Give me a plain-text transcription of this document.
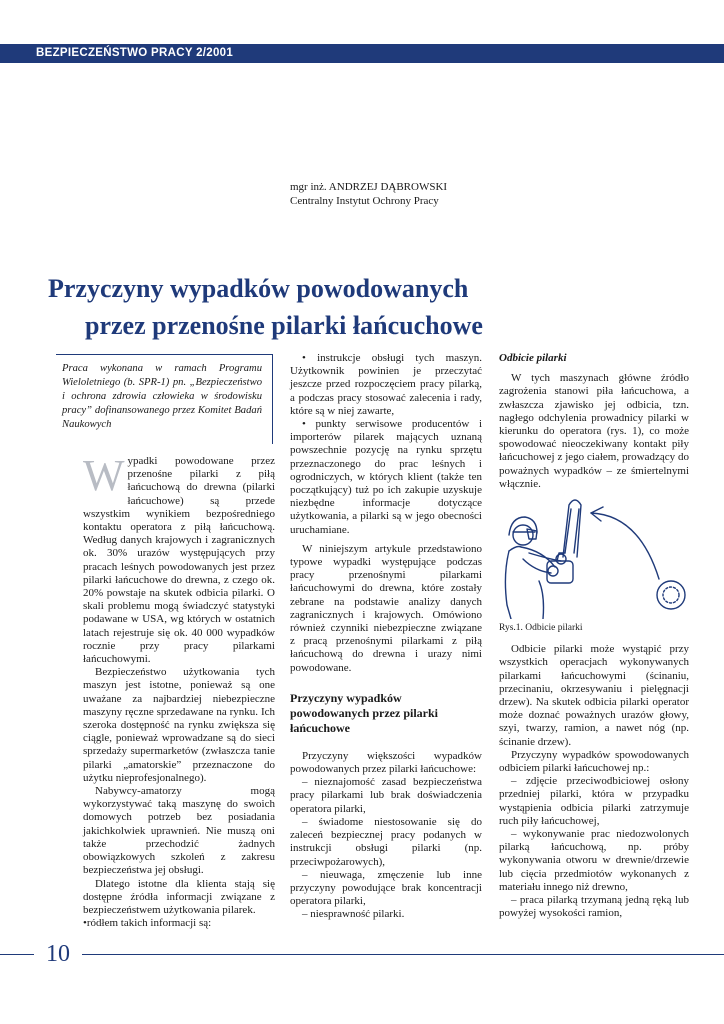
BEZPIECZEŃSTWO PRACY 2/2001
mgr inż. ANDRZEJ DĄBROWSKI
Centralny Instytut Ochrony Pracy
Przyczyny wypadków powodowanych
przez przenośne pilarki łańcuchowe
Praca wykonana w ramach Programu Wieloletniego (b. SPR-1) pn. „Bezpieczeństwo i ochrona zdrowia człowieka w środowisku pracy” dofinansowanego przez Komitet Badań Naukowych

Wypadki powodowane przez przenośne pilarki z piłą łańcuchową do drewna (pilarki łańcuchowe) są przede wszystkim wynikiem bezpośredniego kontaktu operatora z piłą łańcuchową. Według danych krajowych i zagranicznych ok. 30% urazów występujących przy pracach leśnych powodowanych jest przez pilarki łańcuchowe do drewna, z czego ok. 20% powstaje na skutek odbicia pilarki. O skali problemu mogą świadczyć statystyki podawane w USA, wg których w ostatnich latach rejestruje się ok. 40 000 wypadków rocznie przy pracy pilarkami łańcuchowymi.

Bezpieczeństwo użytkowania tych maszyn jest istotne, ponieważ są one uważane za najbardziej niebezpieczne maszyny ręczne sprzedawane na rynku. Ich szeroka dostępność na rynku zwiększa się ciągle, ponieważ wprowadzane są do sieci sprzedaży supermarketów (zwłaszcza tanie pilarki „amatorskie” przeznaczone do użytku nieprofesjonalnego).

Nabywcy-amatorzy mogą wykorzystywać taką maszynę do swoich domowych potrzeb bez posiadania jakichkolwiek uprawnień. Nie muszą oni także przechodzić żadnych obowiązkowych szkoleń z zakresu bezpieczeństwa jej obsługi.

Dlatego istotne dla klienta stają się dostępne źródła informacji związane z bezpieczeństwem użytkowania pilarek.

•ródłem takich informacji są:

• instrukcje obsługi tych maszyn. Użytkownik powinien je przeczytać jeszcze przed rozpoczęciem pracy pilarką, a podczas pracy stosować zalecenia i rady, które są w niej zawarte,

• punkty serwisowe producentów i importerów pilarek mających uznaną powszechnie pozycję na rynku sprzętu przeznaczonego do prac leśnych i ogrodniczych, w których klient (także ten początkujący) tuż po ich zakupie uzyskuje niezbędne informacje dotyczące użytkowania, a pilarki są w jego obecności uruchamiane.

W niniejszym artykule przedstawiono typowe wypadki występujące podczas pracy przenośnymi pilarkami łańcuchowymi do drewna, które zostały zebrane na podstawie analizy danych zagranicznych i krajowych. Omówiono również czynniki niebezpieczne związane z pracą przenośnymi pilarkami z piłą łańcuchową do drewna i urazy nimi powodowane.

Przyczyny wypadków powodowanych przez pilarki łańcuchowe

Przyczyny większości wypadków powodowanych przez pilarki łańcuchowe:

– nieznajomość zasad bezpieczeństwa pracy pilarkami lub brak doświadczenia operatora pilarki,

– świadome niestosowanie się do zaleceń bezpiecznej pracy podanych w instrukcji obsługi pilarki (np. przeciwpożarowych),

– nieuwaga, zmęczenie lub inne przyczyny powodujące brak koncentracji operatora pilarki,

– niesprawność pilarki.

Odbicie pilarki

W tych maszynach główne źródło zagrożenia stanowi piła łańcuchowa, a zwłaszcza zjawisko jej odbicia, tzn. nagłego odchylenia prowadnicy pilarki w kierunku do operatora (rys. 1), co może spowodować nieoczekiwany kontakt piły łańcuchowej z jego ciałem, prowadzący do poważnych wypadków – ze śmiertelnymi włącznie.

Rys.1. Odbicie pilarki

Odbicie pilarki może wystąpić przy wszystkich operacjach wykonywanych pilarkami łańcuchowymi (ścinaniu, przecinaniu, okrzesywaniu i pielęgnacji drzew). Na skutek odbicia pilarki operator może doznać poważnych urazów głowy, szyi, twarzy, ramion, a nawet nóg (np. ścinanie drzew).

Przyczyny wypadków spowodowanych odbiciem pilarki łańcuchowej np.:

– zdjęcie przeciwodbiciowej osłony przedniej pilarki, która w przypadku wystąpienia odbicia pilarki zatrzymuje ruch piły łańcuchowej,

– wykonywanie prac niedozwolonych pilarką łańcuchową, np. próby wykonywania otworu w drewnie/drzewie lub cięcia przedmiotów wykonanych z materiału innego niż drewno,

– praca pilarką trzymaną jedną ręką lub powyżej wysokości ramion,

10
